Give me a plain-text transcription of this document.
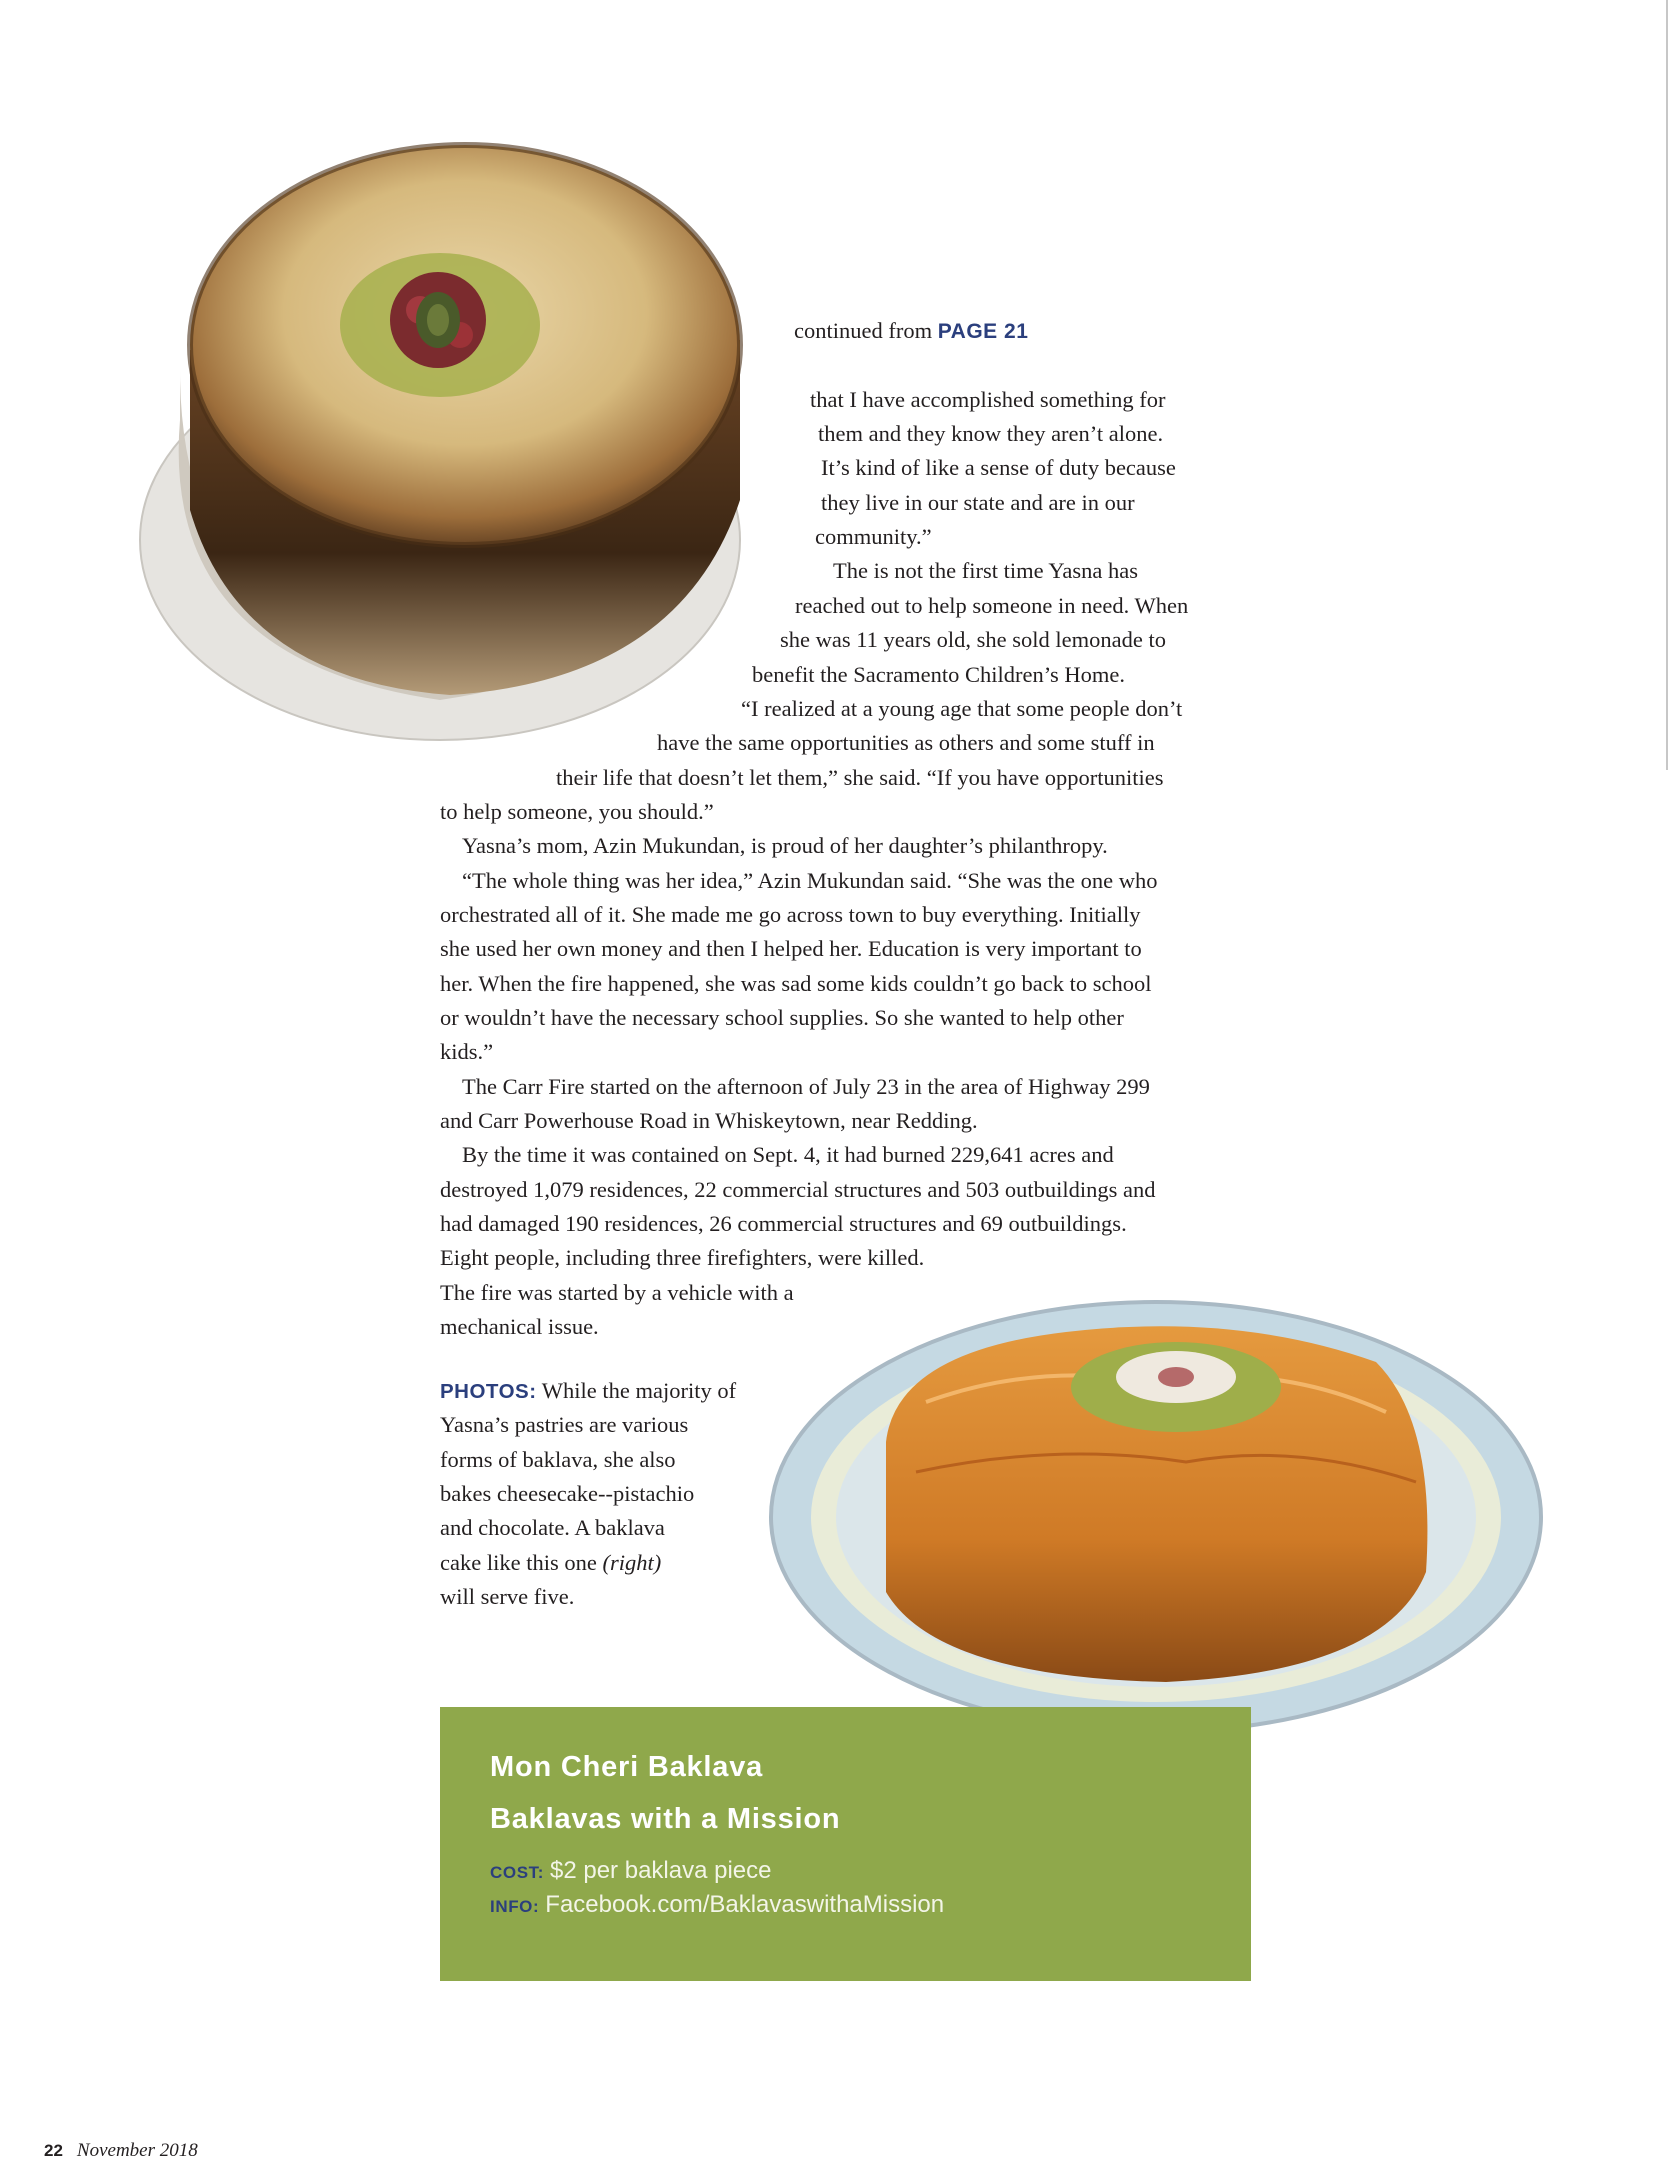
continued from PAGE 21

that I have accomplished something for

them and they know they aren’t alone.

It’s kind of like a sense of duty because

they live in our state and are in our

community.”

The is not the first time Yasna has

reached out to help someone in need. When

she was 11 years old, she sold lemonade to

benefit the Sacramento Children’s Home.

“I realized at a young age that some people don’t

have the same opportunities as others and some stuff in

their life that doesn’t let them,” she said. “If you have opportunities

to help someone, you should.”

Yasna’s mom, Azin Mukundan, is proud of her daughter’s philanthropy.

“The whole thing was her idea,” Azin Mukundan said. “She was the one who

orchestrated all of it. She made me go across town to buy everything. Initially

she used her own money and then I helped her. Education is very important to

her. When the fire happened, she was sad some kids couldn’t go back to school

or wouldn’t have the necessary school supplies. So she wanted to help other

kids.”

The Carr Fire started on the afternoon of July 23 in the area of Highway 299

and Carr Powerhouse Road in Whiskeytown, near Redding.

By the time it was contained on Sept. 4, it had burned 229,641 acres and

destroyed 1,079 residences, 22 commercial structures and 503 outbuildings and

had damaged 190 residences, 26 commercial structures and 69 outbuildings.

Eight people, including three firefighters, were killed.

The fire was started by a vehicle with a

mechanical issue.

PHOTOS: While the majority of

Yasna’s pastries are various

forms of baklava, she also

bakes cheesecake--pistachio

and chocolate. A baklava

cake like this one (right)

will serve five.

Mon Cheri Baklava

Baklavas with a Mission

COST: $2 per baklava piece

INFO: Facebook.com/BaklavaswithaMission

22 November 2018
